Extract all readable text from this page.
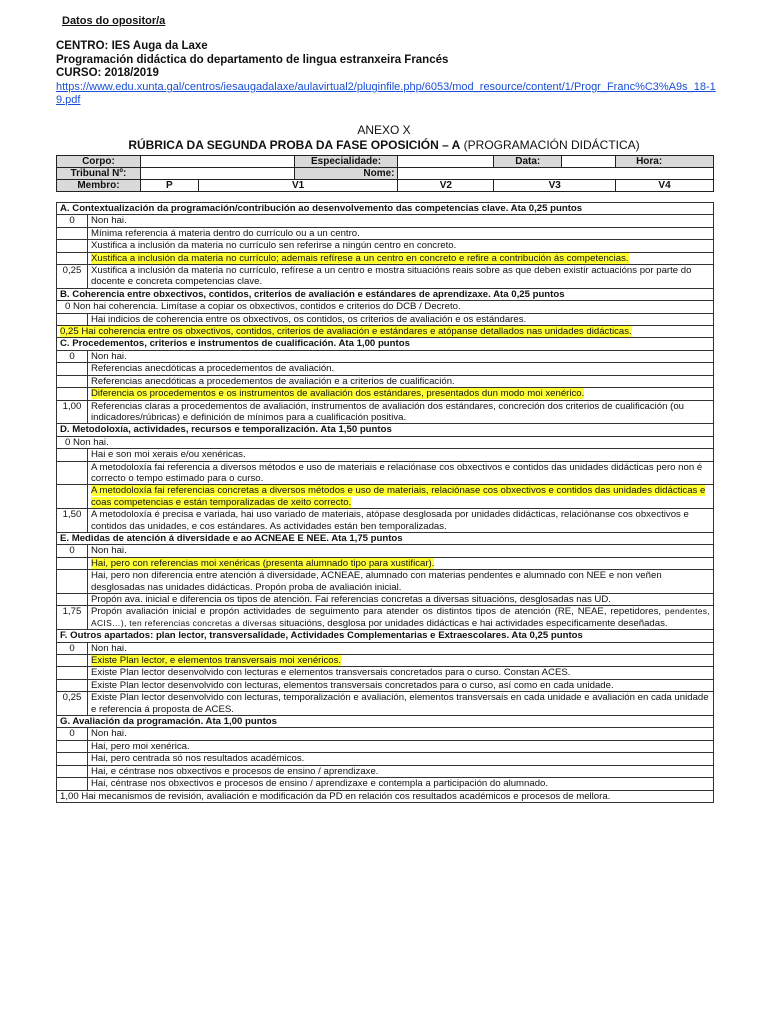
Datos do opositor/a
CENTRO: IES Auga da Laxe
Programación didáctica do departamento de lingua estranxeira Francés
CURSO: 2018/2019
https://www.edu.xunta.gal/centros/iesaugadalaxe/aulavirtual2/pluginfile.php/6053/mod_resource/content/1/Progr_Franc%C3%A9s_18-19.pdf
ANEXO X
RÚBRICA DA SEGUNDA PROBA DA FASE OPOSICIÓN – A (PROGRAMACIÓN DIDÁCTICA)
Corpo:			Especialidade:		Data:		Hora:
Tribunal Nº:			Nome:				
Membro:	P	V1		V2	V3		V4
A. Contextualización da programación/contribución ao desenvolvemento das competencias clave. Ata 0,25 puntos	
0	Non hai.
	Mínima referencia á materia dentro do currículo ou a un centro.
	Xustifica a inclusión da materia no currículo sen referirse a ningún centro en concreto.
	Xustifica a inclusión da materia no currículo; ademais refírese a un centro en concreto e refire a contribución ás competencias.
0,25	Xustifica a inclusión da materia no currículo, refírese a un centro e mostra situacións reais sobre as que deben existir actuacións por parte do docente e concreta competencias clave.
B. Coherencia entre obxectivos, contidos, criterios de avaliación e estándares de aprendizaxe. Ata 0,25 puntos	
0 Non hai coherencia. Limítase a copiar os obxectivos, contidos e criterios do DCB / Decreto.	
	Hai indicios de coherencia entre os obxectivos, os contidos, os criterios de avaliación e os estándares.
0,25 Hai coherencia entre os obxectivos, contidos, criterios de avaliación e estándares e atópanse detallados nas unidades didácticas.	
C. Procedementos, criterios e instrumentos de cualificación. Ata 1,00 puntos	
0	Non hai.
	Referencias anecdóticas a procedementos de avaliación.
	Referencias anecdóticas a procedementos de avaliación e a criterios de cualificación.
	Diferencia os procedementos e os instrumentos de avaliación dos estándares, presentados dun modo moi xenérico.
1,00	Referencias claras a procedementos de avaliación, instrumentos de avaliación dos estándares, concreción dos criterios de cualificación (ou indicadores/rúbricas) e definición de mínimos para a cualificación positiva.
D. Metodoloxía, actividades, recursos e temporalización. Ata 1,50 puntos	
0 Non hai.	
	Hai e son moi xerais e/ou xenéricas.
	A metodoloxía fai referencia a diversos métodos e uso de materiais e relaciónase cos obxectivos e contidos das unidades didácticas pero non é correcto o tempo estimado para o curso.
	A metodoloxía fai referencias concretas a diversos métodos e uso de materiais, relaciónase cos obxectivos e contidos das unidades didácticas e coas competencias e están temporalizadas de xeito correcto.
1,50	A metodoloxía é precisa e variada, hai uso variado de materiais, atópase desglosada por unidades didácticas, relaciónanse cos obxectivos e contidos das unidades, e cos estándares. As actividades están ben temporalizadas.
E. Medidas de atención á diversidade e ao ACNEAE E NEE. Ata 1,75 puntos	
0	Non hai.
	Hai, pero con referencias moi xenéricas (presenta alumnado tipo para xustificar).
	Hai, pero non diferencia entre atención á diversidade, ACNEAE, alumnado con materias pendentes e alumnado con NEE e non veñen desglosadas nas unidades didácticas. Propón proba de avaliación inicial.
	Propón ava. inicial e diferencia os tipos de atención. Fai referencias concretas a diversas situacións, desglosadas nas UD.
1,75	Propón avaliación inicial e propón actividades de seguimento para atender os distintos tipos de atención (RE, NEAE, repetidores, pendentes, ACIS…), ten referencias concretas a diversas situacións, desglosa por unidades didácticas e hai actividades especificamente deseñadas.
F. Outros apartados: plan lector, transversalidade, Actividades Complementarias e Extraescolares. Ata 0,25 puntos	
0	Non hai.
	Existe Plan lector, e elementos transversais moi xenéricos.
	Existe Plan lector desenvolvido con lecturas e elementos transversais concretados para o curso. Constan ACES.
	Existe Plan lector desenvolvido con lecturas, elementos transversais concretados para o curso, así como en cada unidade.
0,25	Existe Plan lector desenvolvido con lecturas, temporalización e avaliación, elementos transversais en cada unidade e avaliación en cada unidade e referencia á proposta de ACES.
G. Avaliación da programación. Ata 1,00 puntos	
0	Non hai.
	Hai, pero moi xenérica.
	Hai, pero centrada só nos resultados académicos.
	Hai, e céntrase nos obxectivos e procesos de ensino / aprendizaxe.
	Hai, céntrase nos obxectivos e procesos de ensino / aprendizaxe e contempla a participación do alumnado.
1,00 Hai mecanismos de revisión, avaliación e modificación da PD en relación cos resultados académicos e procesos de mellora.	
